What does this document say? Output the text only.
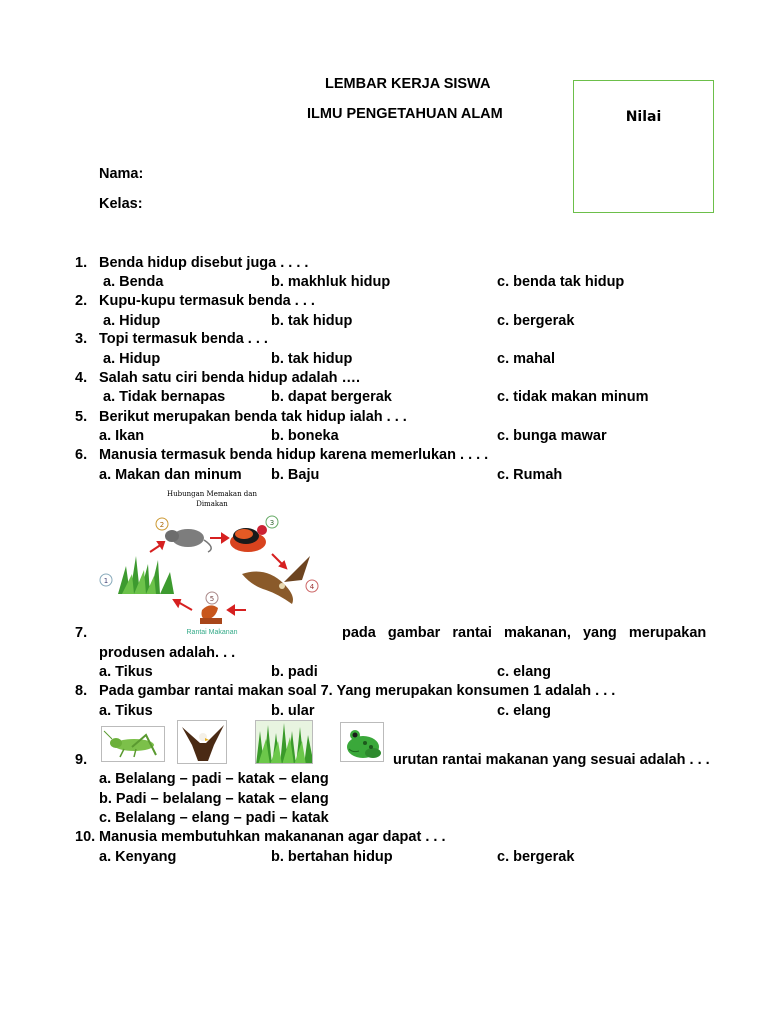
LEMBAR KERJA SISWA
ILMU PENGETAHUAN ALAM
Nama:
Kelas:
Nilai
1. Benda hidup disebut juga . . . .
a. Benda	b. makhluk hidup	c. benda tak hidup
2. Kupu-kupu termasuk benda . . .
a. Hidup	b. tak hidup	c. bergerak
3. Topi termasuk benda . . .
a. Hidup	b. tak hidup	c. mahal
4. Salah satu ciri benda hidup adalah ….
a. Tidak bernapas	b. dapat bergerak	c. tidak makan minum
5. Berikut merupakan benda tak hidup ialah . . .
a. Ikan	b. boneka	c. bunga mawar
6. Manusia termasuk benda hidup karena memerlukan . . . .
a. Makan dan minum b. Baju	c. Rumah
Hubungan Memakan dan
Dimakan
1
2	3
4
5
Rantai Makanan
7.	pada   gambar   rantai   makanan,   yang   merupakan
produsen adalah. . .
a. Tikus	b. padi	c. elang
8. Pada gambar rantai makan soal 7. Yang merupakan konsumen 1 adalah . . .
a. Tikus	b. ular	c. elang
9.	urutan rantai makanan yang sesuai adalah . . .
a. Belalang – padi – katak – elang
b. Padi – belalang – katak – elang
c. Belalang – elang – padi – katak
10. Manusia membutuhkan makananan agar dapat . . .
a. Kenyang	b. bertahan hidup	c. bergerak
